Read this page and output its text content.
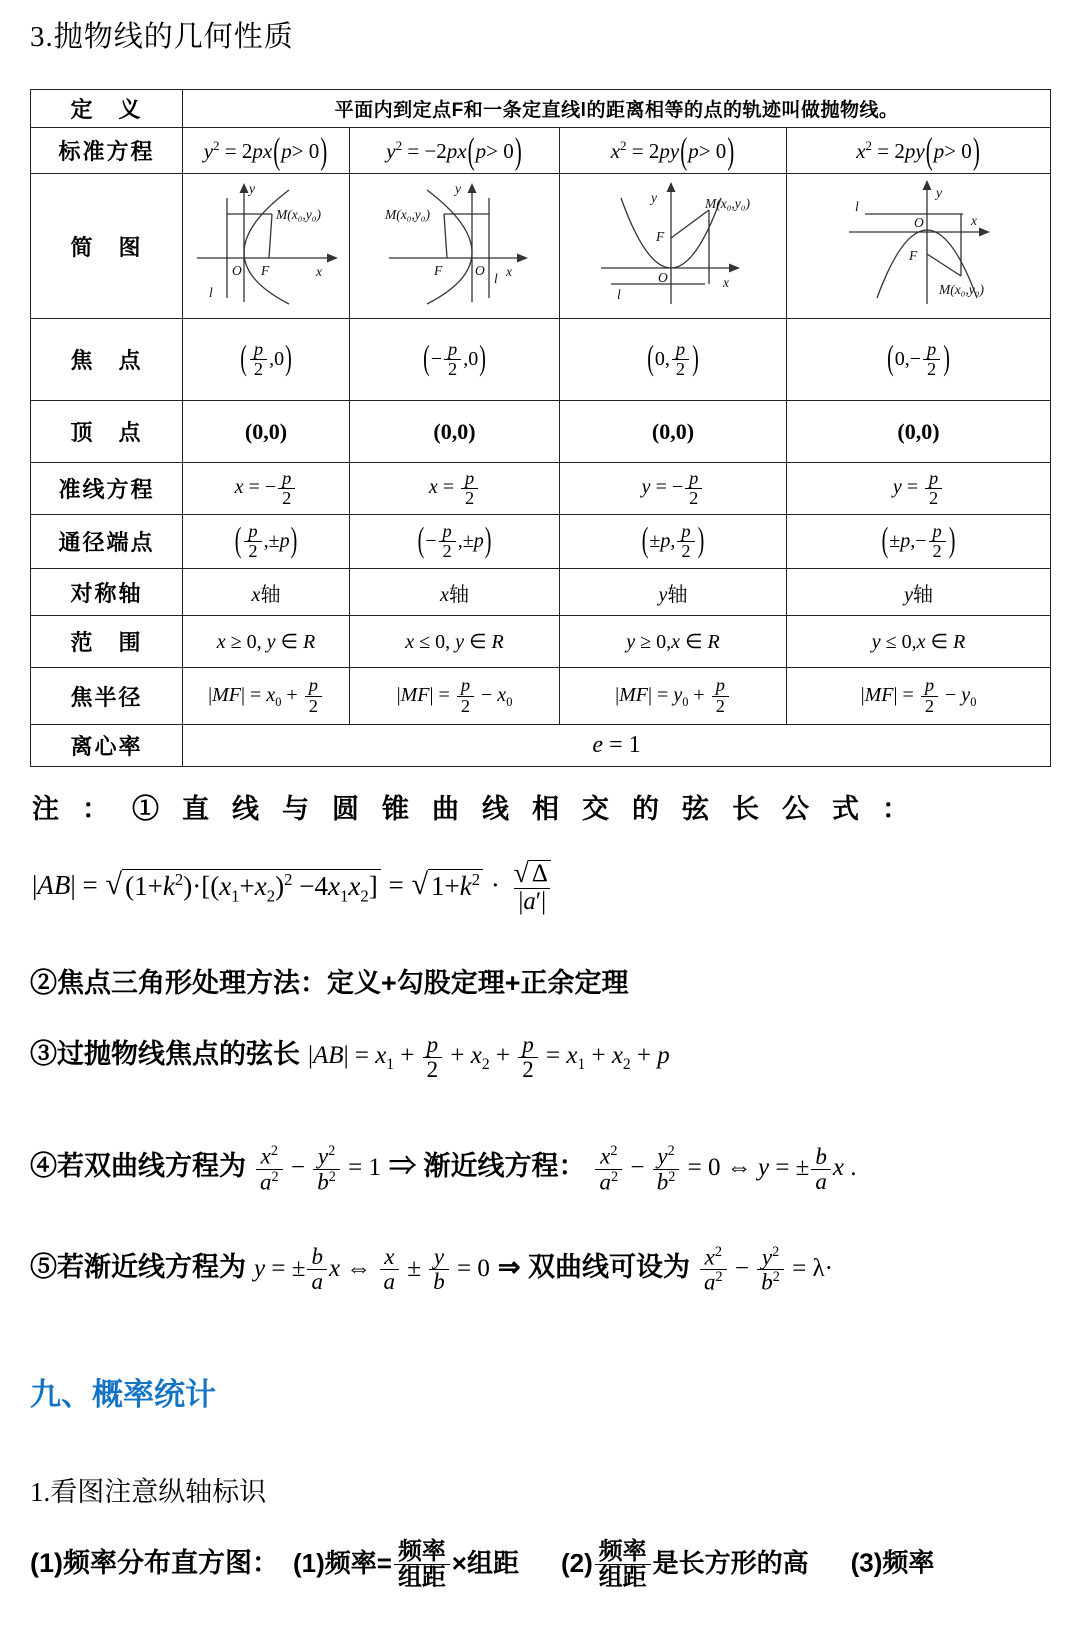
3.抛物线的几何性质
定　义	平面内到定点F和一条定直线l的距离相等的点的轨迹叫做抛物线。			
标准方程	$y^2 = 2px$ ( p > 0 )	$y^2 = -2px$ ( p > 0 )	$x^2 = 2py$ ( p > 0 )	$x^2 = 2py$ ( p > 0 )

简　图	
y
x
O F
l
M(x₀,y₀)

y
x
O
F
l
M(x₀,y₀)

y
x
O
F
l
M(x₀,y₀)

y
x
O
F
l
M(x₀,y₀)

焦　点	( $\frac{p}{2} ,0$ )	( − $\frac{p}{2} ,0$ )	( 0, $\frac{p}{2}$ )	( $0,- \frac{p}{2}$ )

顶　点	(0,0)	(0,0)	(0,0)	(0,0)
准线方程	x = − $\frac{p}{2}$	$x = \frac{p}{2}$	y = − $\frac{p}{2}$	$y = \frac{p}{2}$

通径端点	( $\frac{p}{2}$ ,± p )	( − $\frac{p}{2}$ ,± p )	( ± p , $\frac{p}{2}$ )	( ± p ,− $\frac{p}{2}$ )

对称轴	x轴	x轴	y轴	y轴
范　围	x ≥ 0, y ∈ R	x ≤ 0, y ∈ R	y ≥ 0,x ∈ R	y ≤ 0,x ∈ R
焦半径	$|MF| = x_0 + \frac{p}{2}$	$|MF| = \frac{p}{2} - x_0$	$|MF| = y_0 + \frac{p}{2}$	$|MF| = \frac{p}{2} - y_0$
离心率	e = 1			
注：①直线与圆锥曲线相交的弦长公式：
|AB| = √ $(1+k^2)\cdot[(x_1+x_2)^2 -4x_1x_2]$ = √ $1+k^2 \cdot \frac{√ \Delta}{|a'|}$
②焦点三角形处理方法：定义+勾股定理+正余定理
③过抛物线焦点的弦长 $|AB| = x_1 + \frac{p}{2} + x_2 + \frac{p}{2} = x_1 + x_2 + p$
④若双曲线方程为 $\frac{x^2}{a^2} - \frac{y^2}{b^2} = 1$ ⇒ 渐近线方程： $\frac{x^2}{a^2} - \frac{y^2}{b^2} = 0$ ⇔ y = ± $\frac{b}{a}$ x .
⑤若渐近线方程为 y = ± $\frac{b}{a}$ x ⇔ $\frac{x}{a} \pm \frac{y}{b} = 0$ ⇒ 双曲线可设为 $\frac{x^2}{a^2} - \frac{y^2}{b^2} = \lambda\cdot$
九、概率统计
1.看图注意纵轴标识
(1)频率分布直方图： (1)频率= $\frac{\text{频率}}{\text{组距}}$ ×组距 $(2) \frac{\text{频率}}{\text{组距}}$ 是长方形的高 (3)频率
